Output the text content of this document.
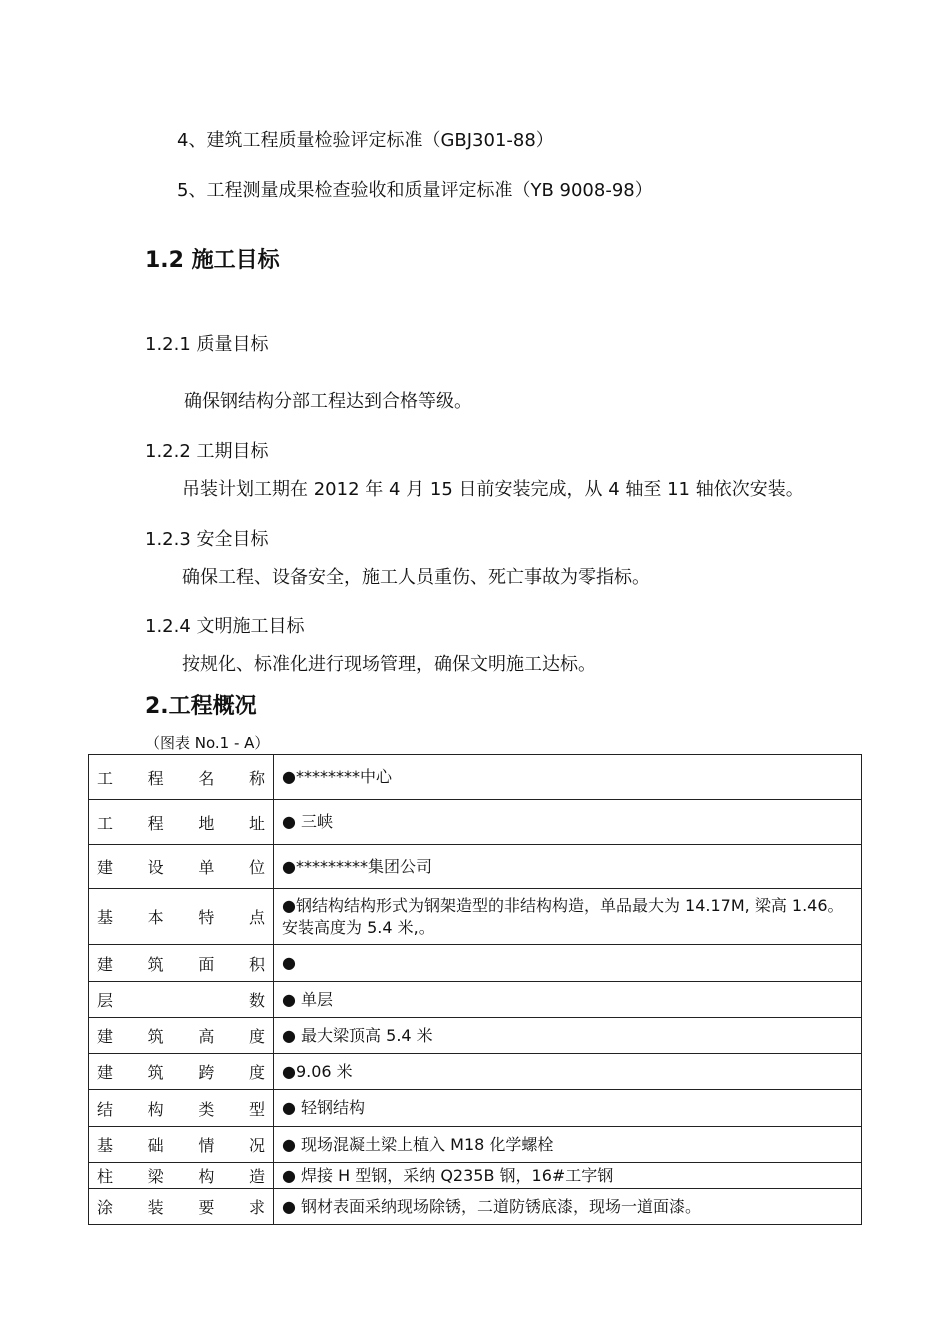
4、建筑工程质量检验评定标准（GBJ301-88）
5、工程测量成果检查验收和质量评定标准（YB 9008-98）
1.2 施工目标
1.2.1 质量目标
确保钢结构分部工程达到合格等级。
1.2.2 工期目标
吊装计划工期在 2012 年 4 月 15 日前安装完成，从 4 轴至 11 轴依次安装。
1.2.3 安全目标
确保工程、设备安全，施工人员重伤、死亡事故为零指标。
1.2.4 文明施工目标
按规化、标准化进行现场管理，确保文明施工达标。
2.工程概况
（图表 No.1 - A）
工 程 名 称	●********中心

工 程 地 址	● 三峡

建 设 单 位	●*********集团公司

基 本 特 点	●钢结构结构形式为钢架造型的非结构构造，单品最大为 14.17M, 梁高 1.46。安装高度为 5.4 米,。

建 筑 面 积	●

层 数	● 单层

建 筑 高 度	● 最大梁顶高 5.4 米

建 筑 跨 度	●9.06 米

结 构 类 型	● 轻钢结构

基 础 情 况	● 现场混凝土梁上植入 M18 化学螺栓

柱 梁 构 造	● 焊接 H 型钢，采纳 Q235B 钢，16#工字钢

涂 装 要 求	● 钢材表面采纳现场除锈，二道防锈底漆，现场一道面漆。
